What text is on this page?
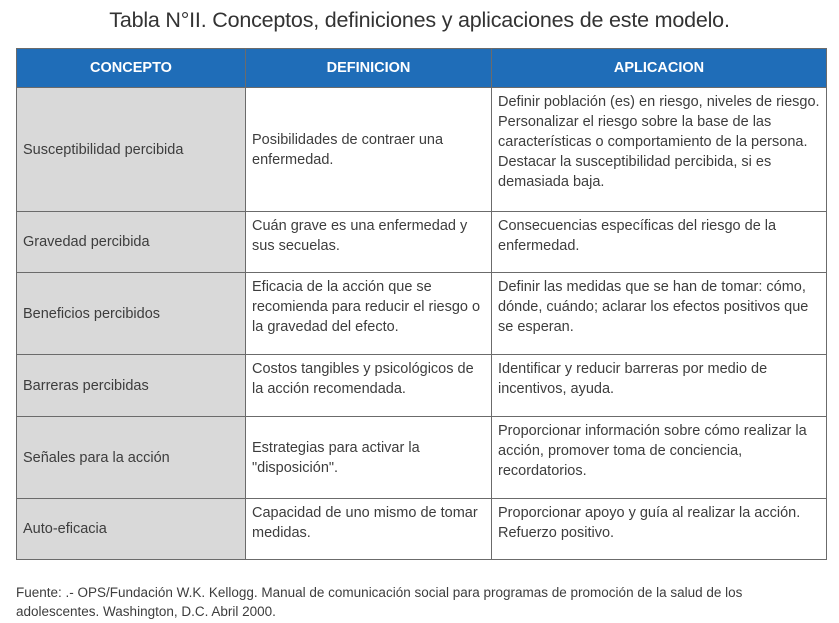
Tabla N°II. Conceptos, definiciones y aplicaciones de este modelo.
CONCEPTO	DEFINICION	APLICACION
Susceptibilidad percibida	Posibilidades de contraer una enfermedad.	Definir población (es) en riesgo, niveles de riesgo. Personalizar el riesgo sobre la base de las características o comportamiento de la persona. Destacar la susceptibilidad percibida, si es demasiada baja.
Gravedad percibida	Cuán grave es una enfermedad y sus secuelas.	Consecuencias específicas del riesgo de la enfermedad.
Beneficios percibidos	Eficacia de la acción que se recomienda para reducir el riesgo o la gravedad del efecto.	Definir las medidas que se han de tomar: cómo, dónde, cuándo; aclarar los efectos positivos que se esperan.
Barreras percibidas	Costos tangibles y psicológicos de la acción recomendada.	Identificar y reducir barreras por medio de incentivos, ayuda.
Señales para la acción	Estrategias para activar la "disposición".	Proporcionar información sobre cómo realizar la acción, promover toma de conciencia, recordatorios.
Auto-eficacia	Capacidad de uno mismo de tomar medidas.	Proporcionar apoyo y guía al realizar la acción. Refuerzo positivo.
Fuente: .- OPS/Fundación W.K. Kellogg. Manual de comunicación social para programas de promoción de la salud de los adolescentes. Washington, D.C. Abril 2000.
